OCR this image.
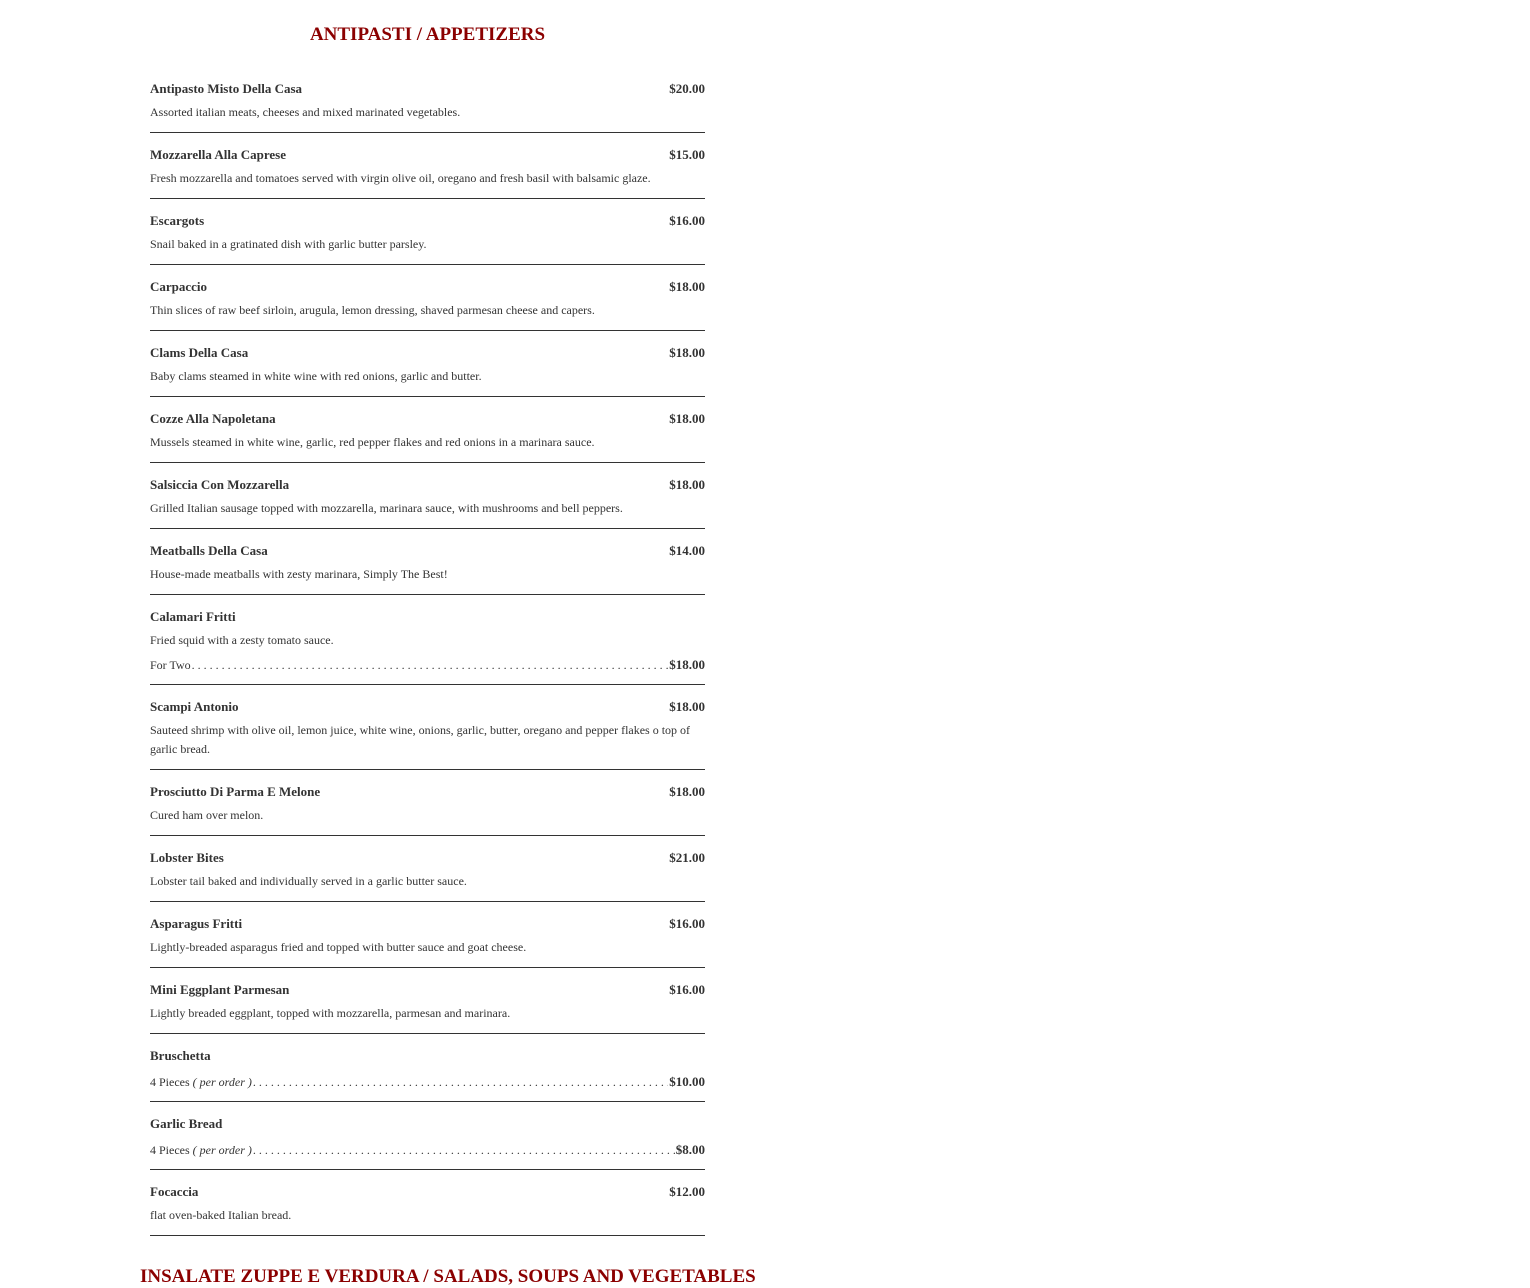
ANTIPASTI / APPETIZERS
Antipasto Misto Della Casa	$20.00
Assorted italian meats, cheeses and mixed marinated vegetables.
Mozzarella Alla Caprese	$15.00
Fresh mozzarella and tomatoes served with virgin olive oil, oregano and fresh basil with balsamic glaze.
Escargots	$16.00
Snail baked in a gratinated dish with garlic butter parsley.
Carpaccio	$18.00
Thin slices of raw beef sirloin, arugula, lemon dressing, shaved parmesan cheese and capers.
Clams Della Casa	$18.00
Baby clams steamed in white wine with red onions, garlic and butter.
Cozze Alla Napoletana	$18.00
Mussels steamed in white wine, garlic, red pepper flakes and red onions in a marinara sauce.
Salsiccia Con Mozzarella	$18.00
Grilled Italian sausage topped with mozzarella, marinara sauce, with mushrooms and bell peppers.
Meatballs Della Casa	$14.00
House-made meatballs with zesty marinara, Simply The Best!
Calamari Fritti
Fried squid with a zesty tomato sauce.
For Two . . .	$18.00
Scampi Antonio	$18.00
Sauteed shrimp with olive oil, lemon juice, white wine, onions, garlic, butter, oregano and pepper flakes o top of garlic bread.
Prosciutto Di Parma E Melone	$18.00
Cured ham over melon.
Lobster Bites	$21.00
Lobster tail baked and individually served in a garlic butter sauce.
Asparagus Fritti	$16.00
Lightly-breaded asparagus fried and topped with butter sauce and goat cheese.
Mini Eggplant Parmesan	$16.00
Lightly breaded eggplant, topped with mozzarella, parmesan and marinara.
Bruschetta
4 Pieces ( per order ) . . .	$10.00
Garlic Bread
4 Pieces ( per order ) . . .	$8.00
Focaccia	$12.00
flat oven-baked Italian bread.
INSALATE ZUPPE E VERDURA / SALADS, SOUPS AND VEGETABLES
